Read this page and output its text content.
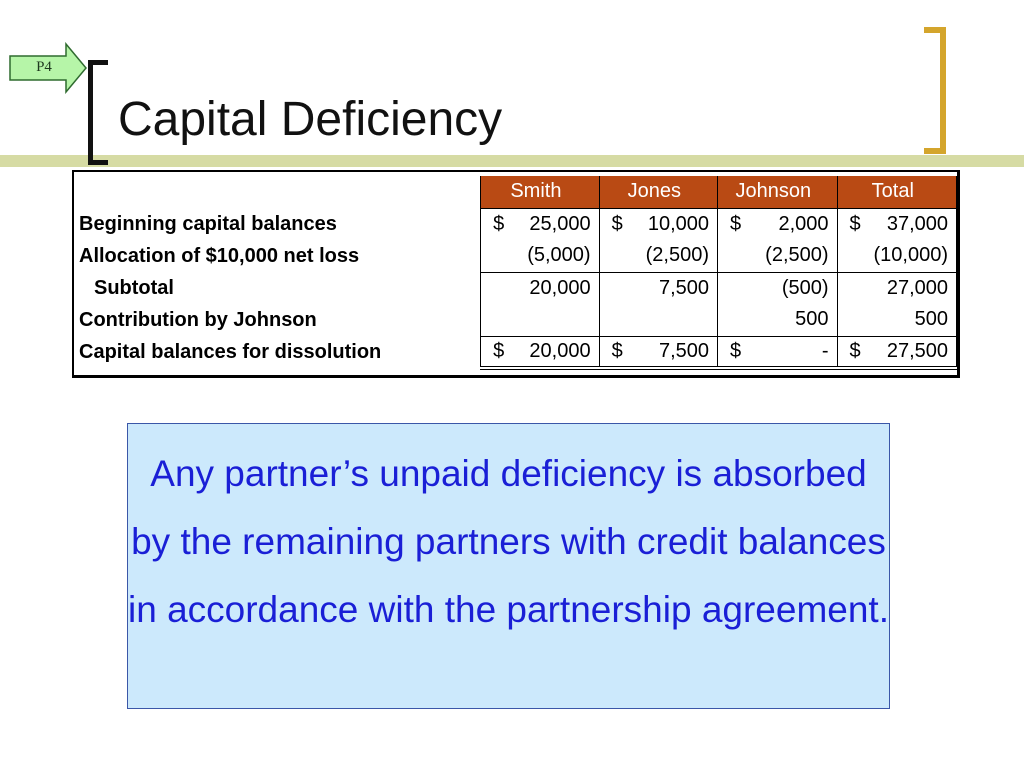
P4
Capital Deficiency
	Smith	Jones	Johnson	Total
Beginning capital balances	$ 25,000	$ 10,000	$ 2,000	$ 37,000
Allocation of $10,000 net loss	(5,000)	(2,500)	(2,500)	(10,000)
Subtotal	20,000	7,500	(500)	27,000
Contribution by Johnson			500	500
Capital balances for dissolution	$ 20,000	$ 7,500	$ -	$ 27,500

Any partner’s unpaid deficiency is absorbed by the remaining partners with credit balances in accordance with the partnership agreement.
